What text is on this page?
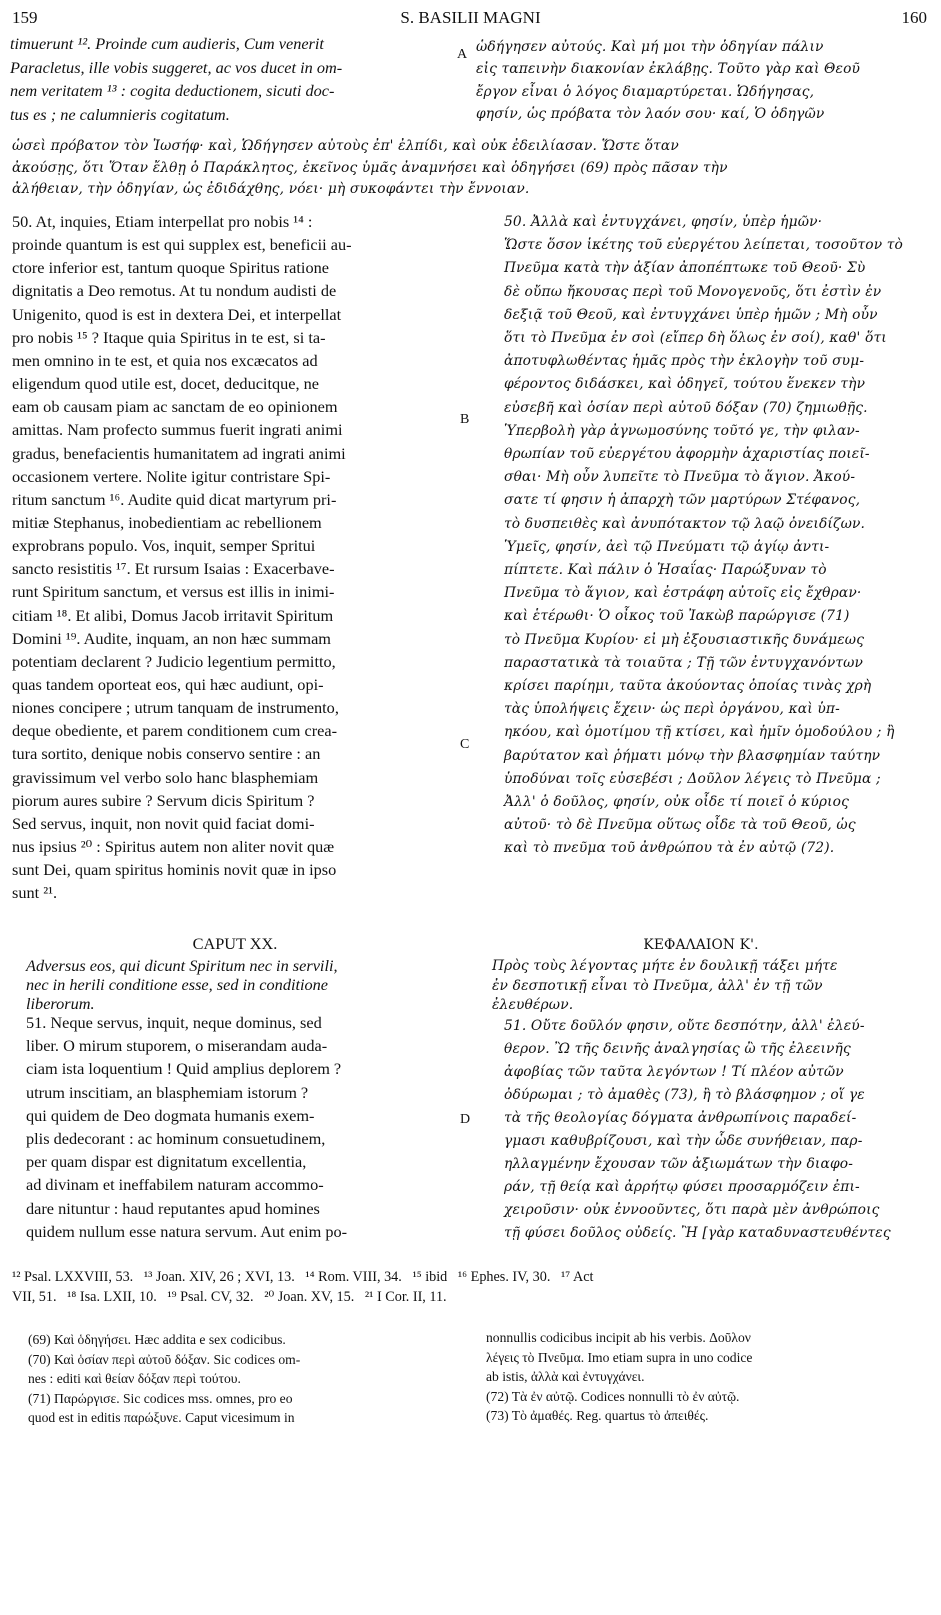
159	S. BASILII MAGNI	160
A
B
C
D
timuerunt ¹². Proinde cum audieris, Cum venerit
Paracletus, ille vobis suggeret, ac vos ducet in om-
nem veritatem ¹³ : cogita deductionem, sicuti doc-
tus es ; ne calumnieris cogitatum.
50. At, inquies, Etiam interpellat pro nobis ¹⁴ :
proinde quantum is est qui supplex est, beneficii au-
ctore inferior est, tantum quoque Spiritus ratione
dignitatis a Deo remotus. At tu nondum audisti de
Unigenito, quod is est in dextera Dei, et interpellat
pro nobis ¹⁵ ? Itaque quia Spiritus in te est, si ta-
men omnino in te est, et quia nos excæcatos ad
eligendum quod utile est, docet, deducitque, ne
eam ob causam piam ac sanctam de eo opinionem
amittas. Nam profecto summus fuerit ingrati animi
gradus, benefacientis humanitatem ad ingrati animi
occasionem vertere. Nolite igitur contristare Spi-
ritum sanctum ¹⁶. Audite quid dicat martyrum pri-
mitiæ Stephanus, inobedientiam ac rebellionem
exprobrans populo. Vos, inquit, semper Spritui
sancto resistitis ¹⁷. Et rursum Isaias : Exacerbave-
runt Spiritum sanctum, et versus est illis in inimi-
citiam ¹⁸. Et alibi, Domus Jacob irritavit Spiritum
Domini ¹⁹. Audite, inquam, an non hæc summam
potentiam declarent ? Judicio legentium permitto,
quas tandem oporteat eos, qui hæc audiunt, opi-
niones concipere ; utrum tanquam de instrumento,
deque obediente, et parem conditionem cum crea-
tura sortito, denique nobis conservo sentire : an
gravissimum vel verbo solo hanc blasphemiam
piorum aures subire ? Servum dicis Spiritum ?
Sed servus, inquit, non novit quid faciat domi-
nus ipsius ²⁰ : Spiritus autem non aliter novit quæ
sunt Dei, quam spiritus hominis novit quæ in ipso
sunt ²¹.
CAPUT XX.
Adversus eos, qui dicunt Spiritum nec in servili,
nec in herili conditione esse, sed in conditione
liberorum.
51. Neque servus, inquit, neque dominus, sed
liber. O mirum stuporem, o miserandam auda-
ciam ista loquentium ! Quid amplius deplorem ?
utrum inscitiam, an blasphemiam istorum ?
qui quidem de Deo dogmata humanis exem-
plis dedecorant : ac hominum consuetudinem,
per quam dispar est dignitatum excellentia,
ad divinam et ineffabilem naturam accommo-
dare nituntur : haud reputantes apud homines
quidem nullum esse natura servum. Aut enim po-
ὡσεὶ πρόβατον τὸν Ἰωσήφ· καὶ, Ὡδήγησεν αὐτοὺς ἐπ' ἐλπίδι, καὶ οὐκ ἐδειλίασαν. Ὥστε ὅταν
ἀκούσῃς, ὅτι Ὅταν ἔλθῃ ὁ Παράκλητος, ἐκεῖνος ὑμᾶς ἀναμνήσει καὶ ὁδηγήσει (69) πρὸς πᾶσαν τὴν
ἀλήθειαν, τὴν ὁδηγίαν, ὡς ἐδιδάχθης, νόει· μὴ συκοφάντει τὴν ἔννοιαν.
ὡδήγησεν αὐτούς. Καὶ μή μοι τὴν ὁδηγίαν πάλιν
εἰς ταπεινὴν διακονίαν ἐκλάβῃς. Τοῦτο γὰρ καὶ Θεοῦ
ἔργον εἶναι ὁ λόγος διαμαρτύρεται. Ὡδήγησας,
φησίν, ὡς πρόβατα τὸν λαόν σου· καί, Ὁ ὁδηγῶν
50. Ἀλλὰ καὶ ἐντυγχάνει, φησίν, ὑπὲρ ἡμῶν·
Ὥστε ὅσον ἱκέτης τοῦ εὐεργέτου λείπεται, τοσοῦτον τὸ
Πνεῦμα κατὰ τὴν ἀξίαν ἀποπέπτωκε τοῦ Θεοῦ· Σὺ
δὲ οὔπω ἤκουσας περὶ τοῦ Μονογενοῦς, ὅτι ἐστὶν ἐν
δεξιᾷ τοῦ Θεοῦ, καὶ ἐντυγχάνει ὑπὲρ ἡμῶν ; Μὴ οὖν
ὅτι τὸ Πνεῦμα ἐν σοὶ (εἴπερ δὴ ὅλως ἐν σοί), καθ' ὅτι
ἀποτυφλωθέντας ἡμᾶς πρὸς τὴν ἐκλογὴν τοῦ συμ-
φέροντος διδάσκει, καὶ ὁδηγεῖ, τούτου ἕνεκεν τὴν
εὐσεβῆ καὶ ὁσίαν περὶ αὐτοῦ δόξαν (70) ζημιωθῇς.
Ὑπερβολὴ γὰρ ἀγνωμοσύνης τοῦτό γε, τὴν φιλαν-
θρωπίαν τοῦ εὐεργέτου ἀφορμὴν ἀχαριστίας ποιεῖ-
σθαι· Μὴ οὖν λυπεῖτε τὸ Πνεῦμα τὸ ἅγιον. Ἀκού-
σατε τί φησιν ἡ ἀπαρχὴ τῶν μαρτύρων Στέφανος,
τὸ δυσπειθὲς καὶ ἀνυπότακτον τῷ λαῷ ὀνειδίζων.
Ὑμεῖς, φησίν, ἀεὶ τῷ Πνεύματι τῷ ἁγίῳ ἀντι-
πίπτετε. Καὶ πάλιν ὁ Ἡσαΐας· Παρώξυναν τὸ
Πνεῦμα τὸ ἅγιον, καὶ ἐστράφη αὐτοῖς εἰς ἔχθραν·
καὶ ἑτέρωθι· Ὁ οἶκος τοῦ Ἰακὼβ παρώργισε (71)
τὸ Πνεῦμα Κυρίου· εἰ μὴ ἐξουσιαστικῆς δυνάμεως
παραστατικὰ τὰ τοιαῦτα ; Τῇ τῶν ἐντυγχανόντων
κρίσει παρίημι, ταῦτα ἀκούοντας ὁποίας τινὰς χρὴ
τὰς ὑπολήψεις ἔχειν· ὡς περὶ ὀργάνου, καὶ ὑπ-
ηκόου, καὶ ὁμοτίμου τῇ κτίσει, καὶ ἡμῖν ὁμοδούλου ; ἢ
βαρύτατον καὶ ῥήματι μόνῳ τὴν βλασφημίαν ταύτην
ὑποδύναι τοῖς εὐσεβέσι ; Δοῦλον λέγεις τὸ Πνεῦμα ;
Ἀλλ' ὁ δοῦλος, φησίν, οὐκ οἶδε τί ποιεῖ ὁ κύριος
αὐτοῦ· τὸ δὲ Πνεῦμα οὕτως οἶδε τὰ τοῦ Θεοῦ, ὡς
καὶ τὸ πνεῦμα τοῦ ἀνθρώπου τὰ ἐν αὐτῷ (72).
ΚΕΦΑΛΑΙΟΝ Κ'.
Πρὸς τοὺς λέγοντας μήτε ἐν δουλικῇ τάξει μήτε
ἐν δεσποτικῇ εἶναι τὸ Πνεῦμα, ἀλλ' ἐν τῇ τῶν
ἐλευθέρων.
51. Οὔτε δοῦλόν φησιν, οὔτε δεσπότην, ἀλλ' ἐλεύ-
θερον. Ὢ τῆς δεινῆς ἀναλγησίας ὢ τῆς ἐλεεινῆς
ἀφοβίας τῶν ταῦτα λεγόντων ! Τί πλέον αὐτῶν
ὀδύρωμαι ; τὸ ἀμαθὲς (73), ἢ τὸ βλάσφημον ; οἵ γε
τὰ τῆς θεολογίας δόγματα ἀνθρωπίνοις παραδεί-
γμασι καθυβρίζουσι, καὶ τὴν ὧδε συνήθειαν, παρ-
ηλλαγμένην ἔχουσαν τῶν ἀξιωμάτων τὴν διαφο-
ράν, τῇ θείᾳ καὶ ἀρρήτῳ φύσει προσαρμόζειν ἐπι-
χειροῦσιν· οὐκ ἐννοοῦντες, ὅτι παρὰ μὲν ἀνθρώποις
τῇ φύσει δοῦλος οὐδείς. Ἢ [γὰρ καταδυναστευθέντες
¹² Psal. LXXVIII, 53.   ¹³ Joan. XIV, 26 ; XVI, 13.   ¹⁴ Rom. VIII, 34.   ¹⁵ ibid   ¹⁶ Ephes. IV, 30.   ¹⁷ Act
VII, 51.   ¹⁸ Isa. LXII, 10.   ¹⁹ Psal. CV, 32.   ²⁰ Joan. XV, 15.   ²¹ I Cor. II, 11.
(69) Καὶ ὁδηγήσει. Hæc addita e sex codicibus.
(70) Καὶ ὁσίαν περὶ αὐτοῦ δόξαν. Sic codices om-
nes : editi καὶ θείαν δόξαν περὶ τούτου.
(71) Παρώργισε. Sic codices mss. omnes, pro eo
quod est in editis παρώξυνε. Caput vicesimum in
nonnullis codicibus incipit ab his verbis. Δοῦλον
λέγεις τὸ Πνεῦμα. Imo etiam supra in uno codice
ab istis, ἀλλὰ καὶ ἐντυγχάνει.
(72) Τὰ ἐν αὐτῷ. Codices nonnulli τὸ ἐν αὐτῷ.
(73) Τὸ ἀμαθές. Reg. quartus τὸ ἀπειθές.
